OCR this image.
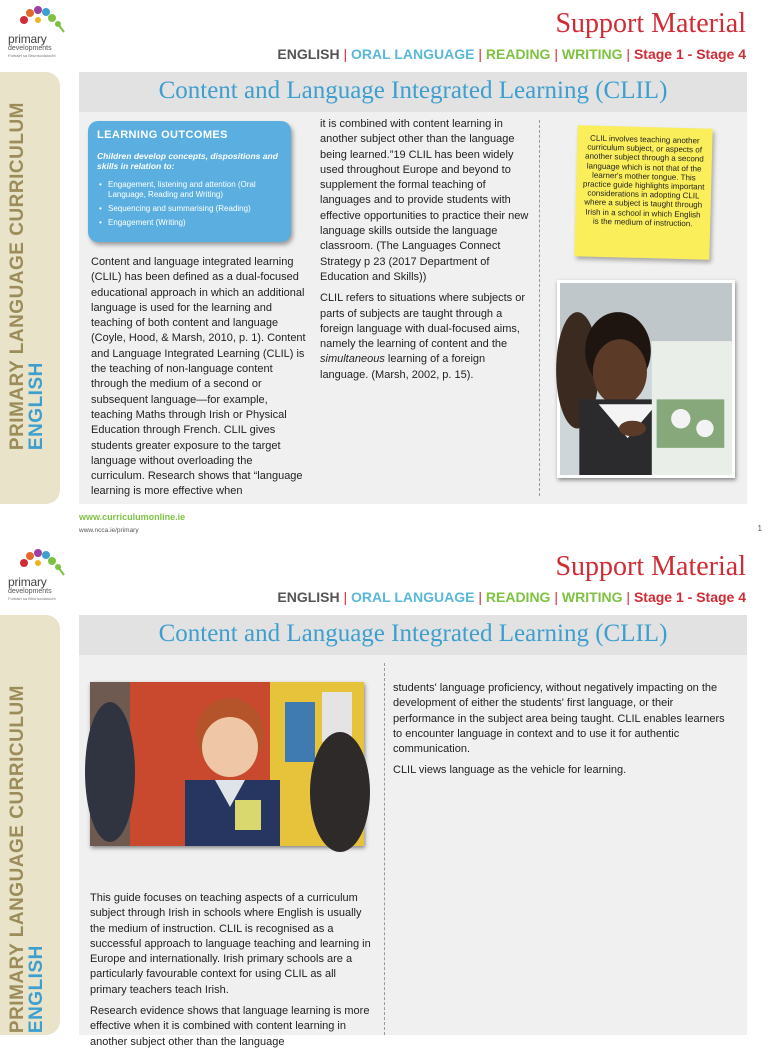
primary
developments
Forbairt sa Bhunscolaíocht
Support Material
ENGLISH | ORAL LANGUAGE | READING | WRITING | Stage 1 - Stage 4
PRIMARY LANGUAGE CURRICULUM
ENGLISH
Content and Language Integrated Learning (CLIL)
LEARNING OUTCOMES
Children develop concepts, dispositions and skills in relation to:
• Engagement, listening and attention (Oral Language, Reading and Writing)
• Sequencing and summarising (Reading)
• Engagement (Writing)

Content and language integrated learning (CLIL) has been defined as a dual-focused educational approach in which an additional language is used for the learning and teaching of both content and language (Coyle, Hood, & Marsh, 2010, p. 1). Content and Language Integrated Learning (CLIL) is the teaching of non-language content through the medium of a second or subsequent language—for example, teaching Maths through Irish or Physical Education through French. CLIL gives students greater exposure to the target language without overloading the curriculum. Research shows that “language learning is more effective when

it is combined with content learning in another subject other than the language being learned.”19 CLIL has been widely used throughout Europe and beyond to supplement the formal teaching of languages and to provide students with effective opportunities to practice their new language skills outside the language classroom. (The Languages Connect Strategy p 23 (2017 Department of Education and Skills))

CLIL refers to situations where subjects or parts of subjects are taught through a foreign language with dual-focused aims, namely the learning of content and the simultaneous learning of a foreign language. (Marsh, 2002, p. 15).

CLIL involves teaching another curriculum subject, or aspects of another subject through a second language which is not that of the learner's mother tongue. This practice guide highlights important considerations in adopting CLIL where a subject is taught through Irish in a school in which English is the medium of instruction.
www.curriculumonline.ie
www.ncca.ie/primary	1
primary
developments
Forbairt sa Bhunscolaíocht
Support Material
ENGLISH | ORAL LANGUAGE | READING | WRITING | Stage 1 - Stage 4
PRIMARY LANGUAGE CURRICULUM
ENGLISH
Content and Language Integrated Learning (CLIL)

This guide focuses on teaching aspects of a curriculum subject through Irish in schools where English is usually the medium of instruction. CLIL is recognised as a successful approach to language teaching and learning in Europe and internationally. Irish primary schools are a particularly favourable context for using CLIL as all primary teachers teach Irish.

Research evidence shows that language learning is more effective when it is combined with content learning in another subject other than the language

students' language proficiency, without negatively impacting on the development of either the students' first language, or their performance in the subject area being taught. CLIL enables learners to encounter language in context and to use it for authentic communication.

CLIL views language as the vehicle for learning.
